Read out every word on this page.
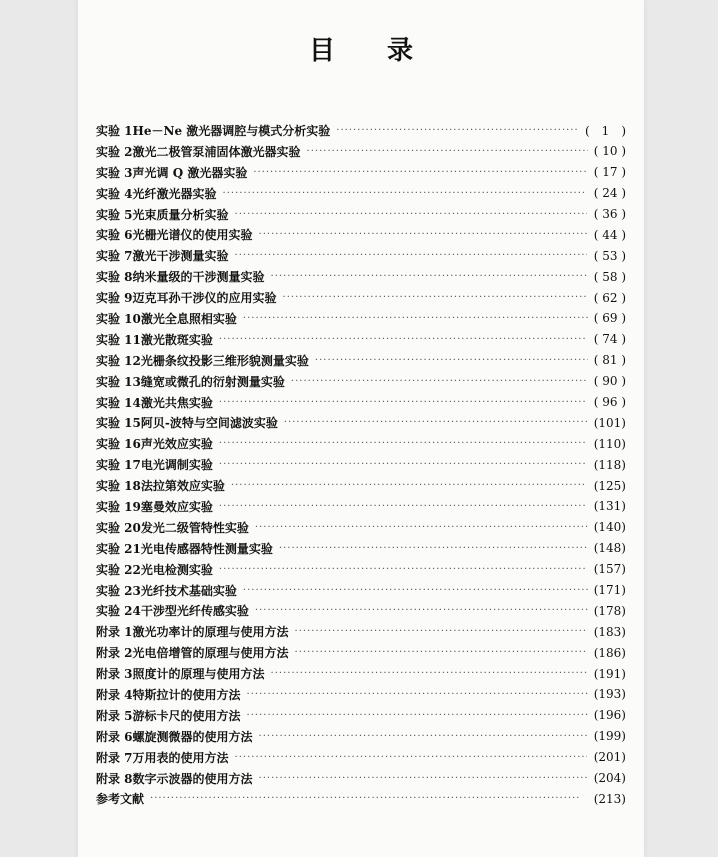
目　　录
实验 1 He－Ne 激光器调腔与模式分析实验 ·····	(　1　)
实验 2 激光二极管泵浦固体激光器实验 ·····	( 10 )
实验 3 声光调 Q 激光器实验 ·····	( 17 )
实验 4 光纤激光器实验 ·····	( 24 )
实验 5 光束质量分析实验 ·····	( 36 )
实验 6 光栅光谱仪的使用实验 ·····	( 44 )
实验 7 激光干涉测量实验 ·····	( 53 )
实验 8 纳米量级的干涉测量实验 ·····	( 58 )
实验 9 迈克耳孙干涉仪的应用实验 ·····	( 62 )
实验 10 激光全息照相实验 ·····	( 69 )
实验 11 激光散斑实验 ·····	( 74 )
实验 12 光栅条纹投影三维形貌测量实验 ·····	( 81 )
实验 13 缝宽或微孔的衍射测量实验 ·····	( 90 )
实验 14 激光共焦实验 ·····	( 96 )
实验 15 阿贝-波特与空间滤波实验 ·····	(101)
实验 16 声光效应实验 ·····	(110)
实验 17 电光调制实验 ·····	(118)
实验 18 法拉第效应实验 ·····	(125)
实验 19 塞曼效应实验 ·····	(131)
实验 20 发光二级管特性实验 ·····	(140)
实验 21 光电传感器特性测量实验 ·····	(148)
实验 22 光电检测实验 ·····	(157)
实验 23 光纤技术基础实验 ·····	(171)
实验 24 干涉型光纤传感实验 ·····	(178)
附录 1 激光功率计的原理与使用方法 ·····	(183)
附录 2 光电倍增管的原理与使用方法 ·····	(186)
附录 3 照度计的原理与使用方法 ·····	(191)
附录 4 特斯拉计的使用方法 ·····	(193)
附录 5 游标卡尺的使用方法 ·····	(196)
附录 6 螺旋测微器的使用方法 ·····	(199)
附录 7 万用表的使用方法 ·····	(201)
附录 8 数字示波器的使用方法 ·····	(204)
参考文献 ·····	(213)
